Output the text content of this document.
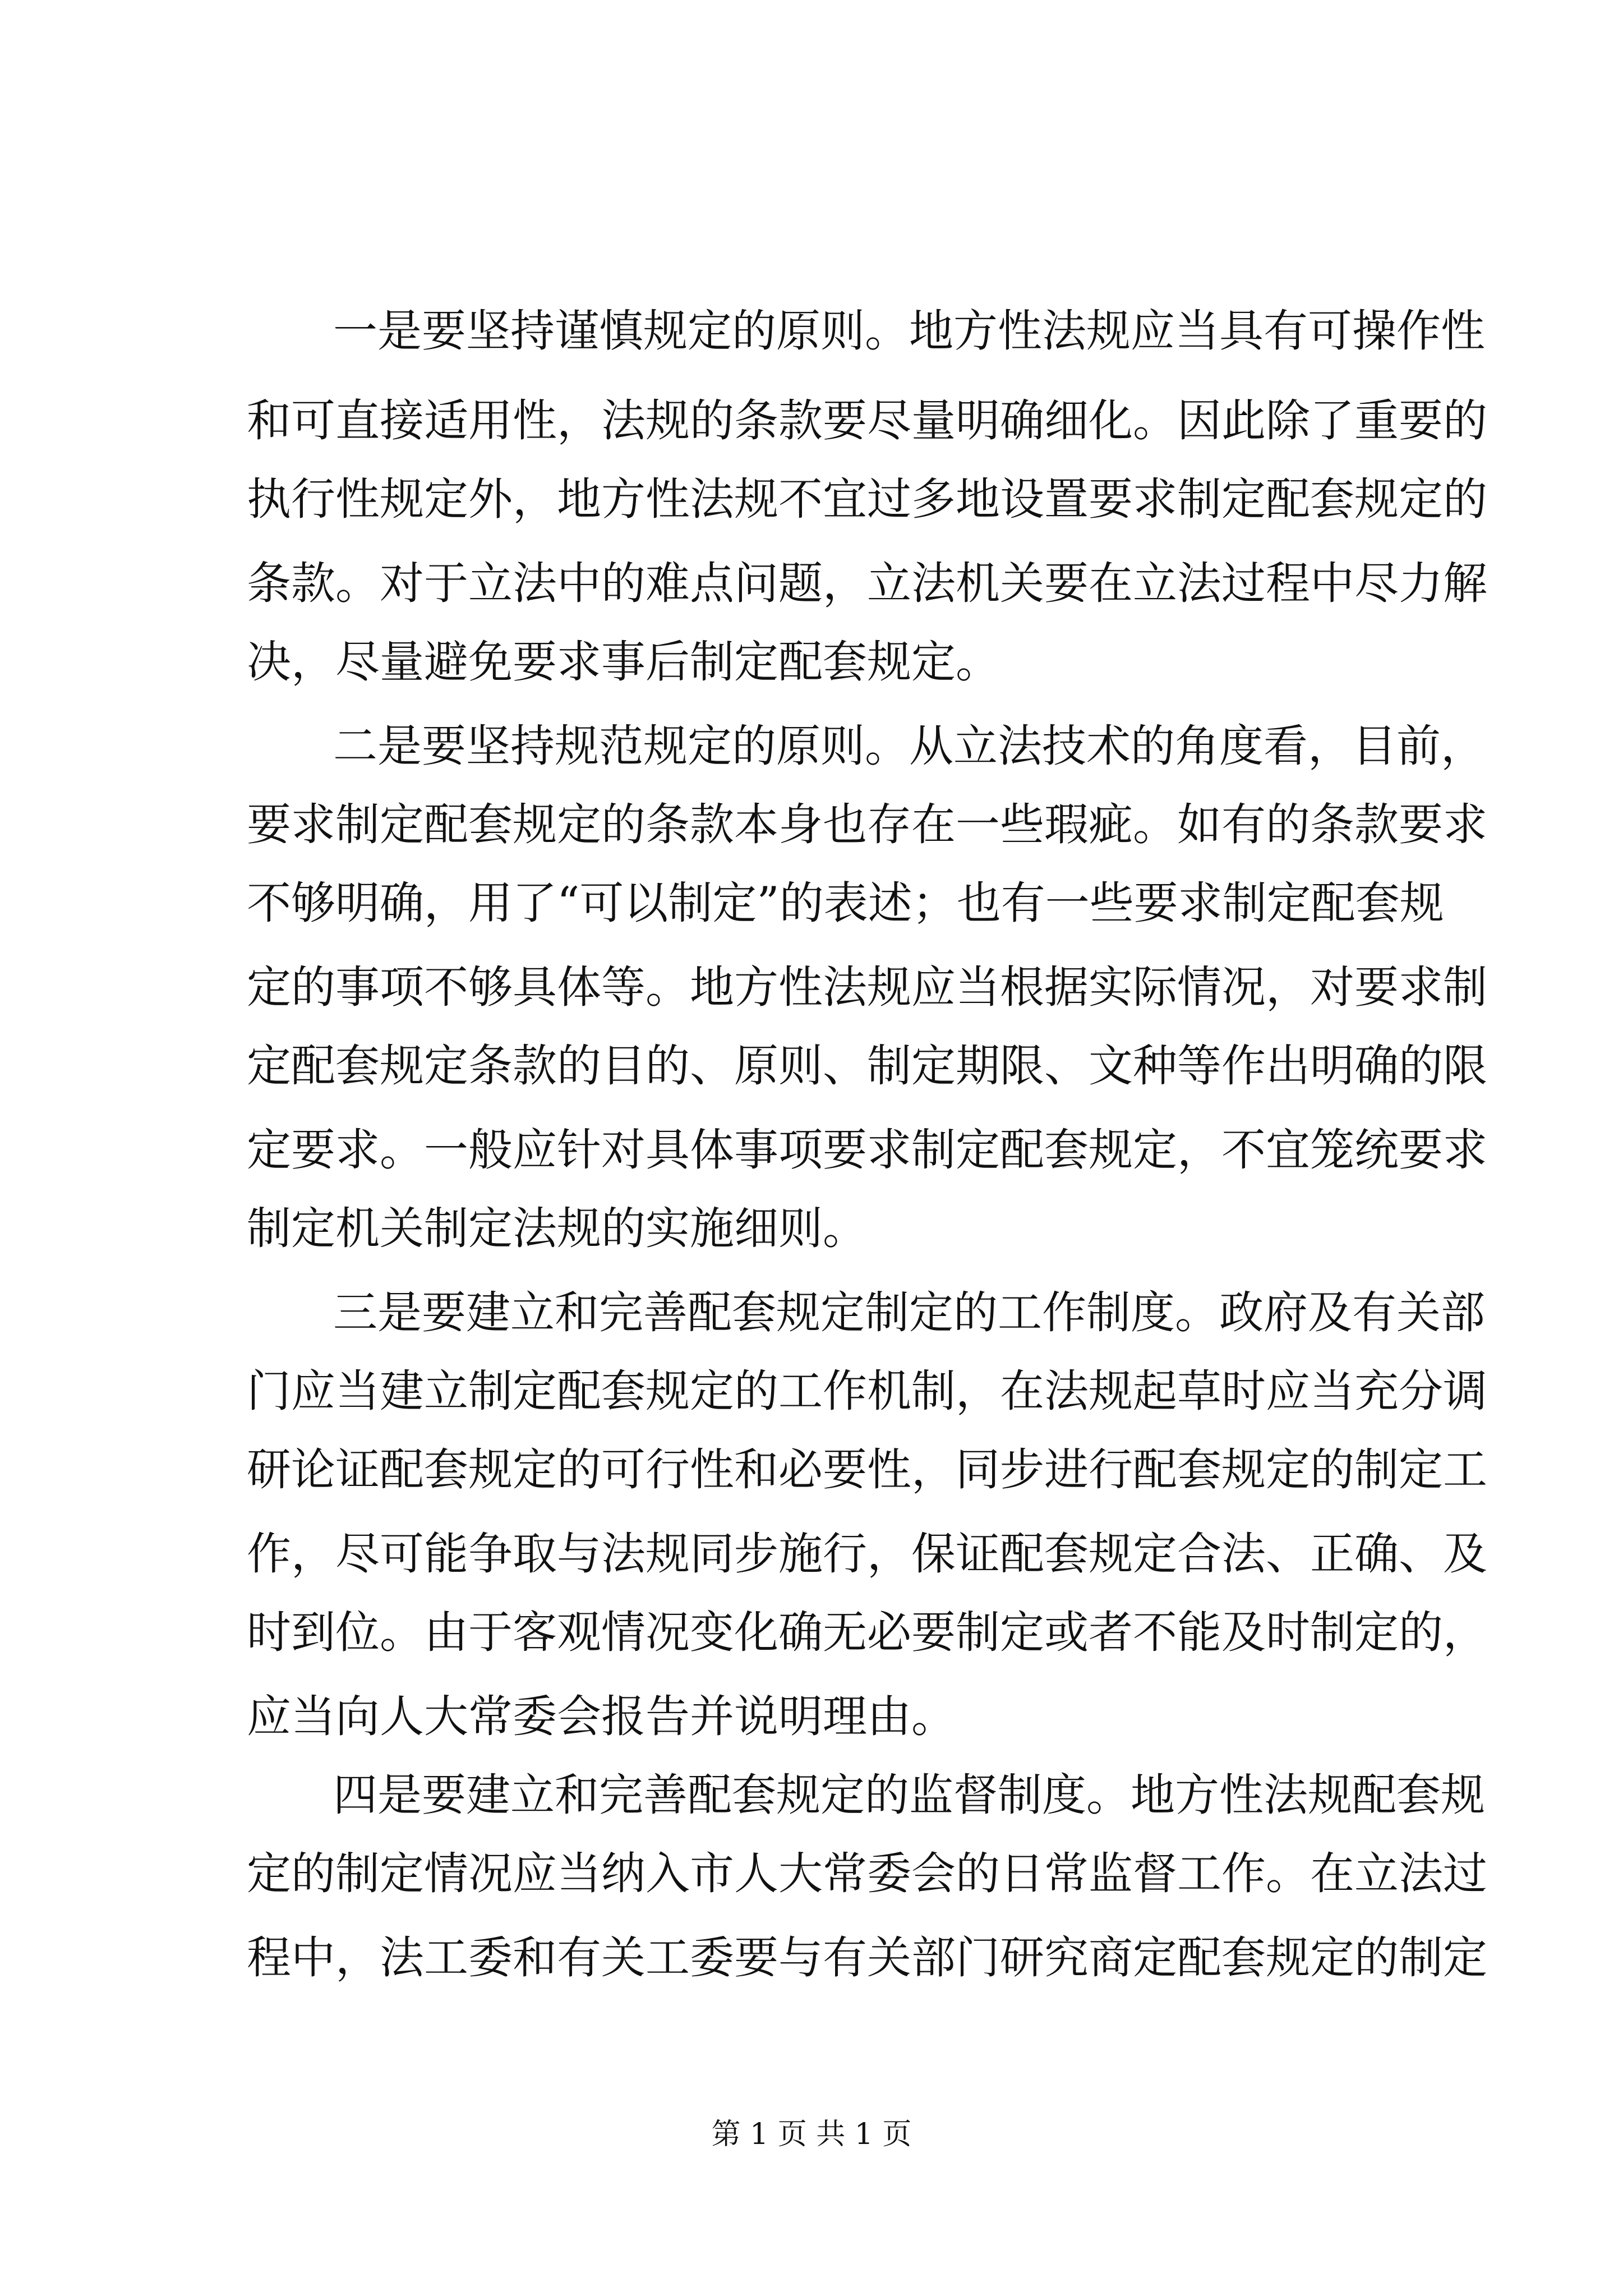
一是要坚持谨慎规定的原则。地方性法规应当具有可操作性
和可直接适用性，法规的条款要尽量明确细化。因此除了重要的
执行性规定外，地方性法规不宜过多地设置要求制定配套规定的
条款。对于立法中的难点问题，立法机关要在立法过程中尽力解
决，尽量避免要求事后制定配套规定。
二是要坚持规范规定的原则。从立法技术的角度看，目前，
要求制定配套规定的条款本身也存在一些瑕疵。如有的条款要求
不够明确，用了“可以制定”的表述；也有一些要求制定配套规
定的事项不够具体等。地方性法规应当根据实际情况，对要求制
定配套规定条款的目的、原则、制定期限、文种等作出明确的限
定要求。一般应针对具体事项要求制定配套规定，不宜笼统要求
制定机关制定法规的实施细则。
三是要建立和完善配套规定制定的工作制度。政府及有关部
门应当建立制定配套规定的工作机制，在法规起草时应当充分调
研论证配套规定的可行性和必要性，同步进行配套规定的制定工
作，尽可能争取与法规同步施行，保证配套规定合法、正确、及
时到位。由于客观情况变化确无必要制定或者不能及时制定的，
应当向人大常委会报告并说明理由。
四是要建立和完善配套规定的监督制度。地方性法规配套规
定的制定情况应当纳入市人大常委会的日常监督工作。在立法过
程中，法工委和有关工委要与有关部门研究商定配套规定的制定
第 1 页 共 1 页
